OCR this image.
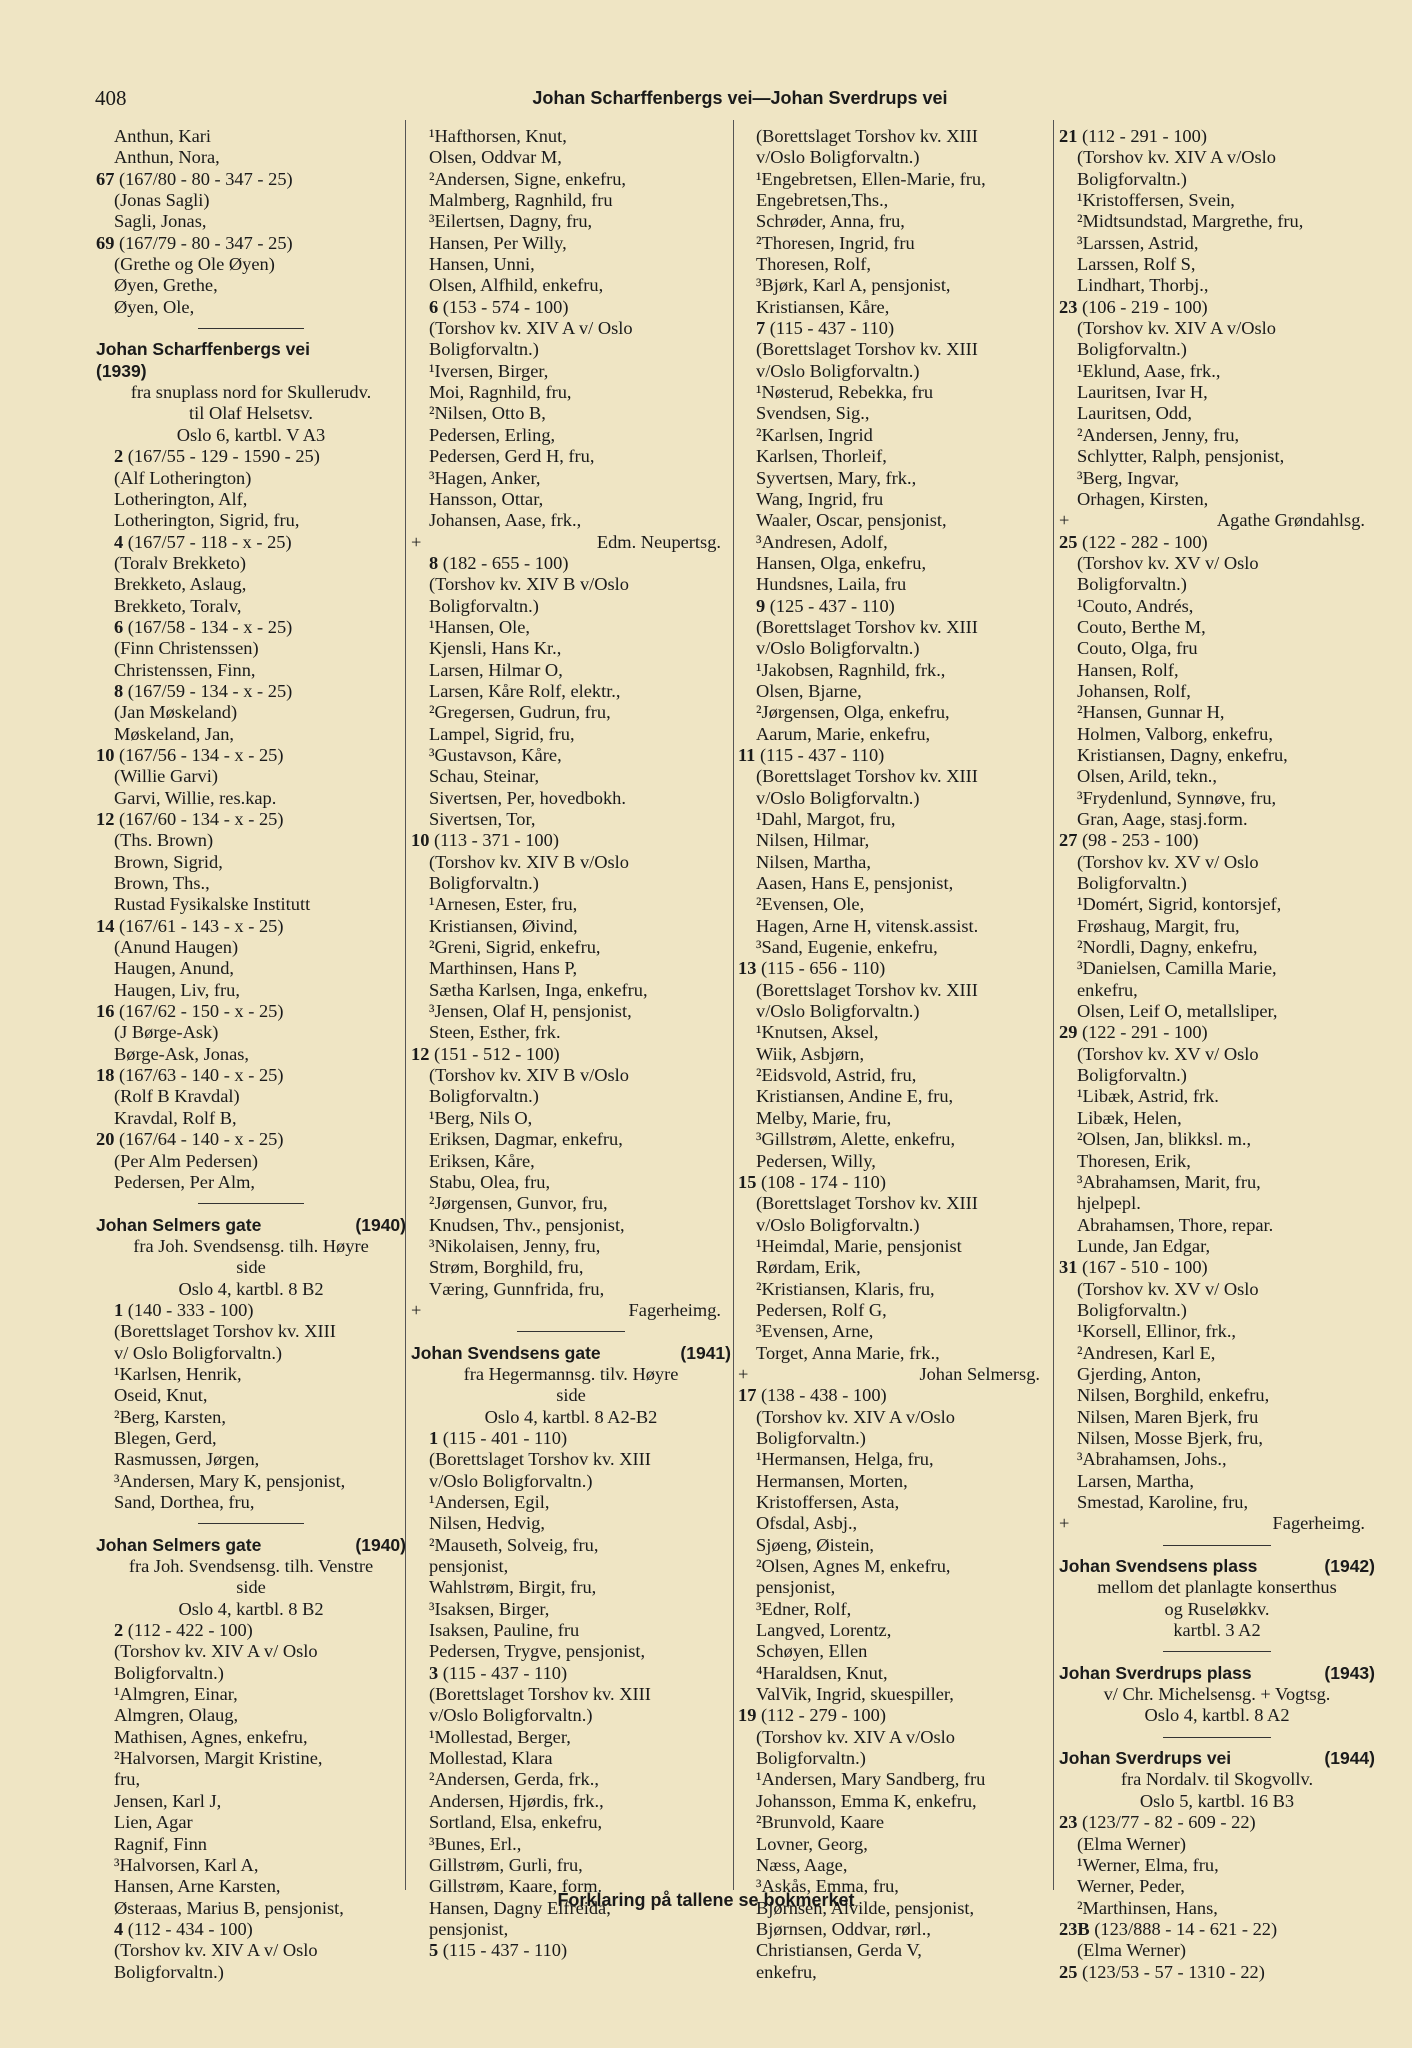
408	Johan Scharffenbergs vei—Johan Sverdrups vei
Anthun, Kari
Anthun, Nora,
67 (167/80 - 80 - 347 - 25)
(Jonas Sagli)
Sagli, Jonas,
69 (167/79 - 80 - 347 - 25)
(Grethe og Ole Øyen)
Øyen, Grethe,
Øyen, Ole,
Johan Scharffenbergs vei
(1939)
fra snuplass nord for Skullerudv.
til Olaf Helsetsv.
Oslo 6, kartbl. V A3
2 (167/55 - 129 - 1590 - 25)
(Alf Lotherington)
Lotherington, Alf,
Lotherington, Sigrid, fru,
4 (167/57 - 118 - x - 25)
(Toralv Brekketo)
Brekketo, Aslaug,
Brekketo, Toralv,
6 (167/58 - 134 - x - 25)
(Finn Christenssen)
Christenssen, Finn,
8 (167/59 - 134 - x - 25)
(Jan Møskeland)
Møskeland, Jan,
10 (167/56 - 134 - x - 25)
(Willie Garvi)
Garvi, Willie, res.kap.
12 (167/60 - 134 - x - 25)
(Ths. Brown)
Brown, Sigrid,
Brown, Ths.,
Rustad Fysikalske Institutt
14 (167/61 - 143 - x - 25)
(Anund Haugen)
Haugen, Anund,
Haugen, Liv, fru,
16 (167/62 - 150 - x - 25)
(J Børge-Ask)
Børge-Ask, Jonas,
18 (167/63 - 140 - x - 25)
(Rolf B Kravdal)
Kravdal, Rolf B,
20 (167/64 - 140 - x - 25)
(Per Alm Pedersen)
Pedersen, Per Alm,
Johan Selmers gate	(1940)
fra Joh. Svendsensg. tilh. Høyre
side
Oslo 4, kartbl. 8 B2
1 (140 - 333 - 100)
(Borettslaget Torshov kv. XIII
v/ Oslo Boligforvaltn.)
¹Karlsen, Henrik,
Oseid, Knut,
²Berg, Karsten,
Blegen, Gerd,
Rasmussen, Jørgen,
³Andersen, Mary K, pensjonist,
Sand, Dorthea, fru,
Johan Selmers gate	(1940)
fra Joh. Svendsensg. tilh. Venstre
side
Oslo 4, kartbl. 8 B2
2 (112 - 422 - 100)
(Torshov kv. XIV A v/ Oslo
Boligforvaltn.)
¹Almgren, Einar,
Almgren, Olaug,
Mathisen, Agnes, enkefru,
²Halvorsen, Margit Kristine,
fru,
Jensen, Karl J,
Lien, Agar
Ragnif, Finn
³Halvorsen, Karl A,
Hansen, Arne Karsten,
Østeraas, Marius B, pensjonist,
4 (112 - 434 - 100)
(Torshov kv. XIV A v/ Oslo
Boligforvaltn.)
¹Hafthorsen, Knut,
Olsen, Oddvar M,
²Andersen, Signe, enkefru,
Malmberg, Ragnhild, fru
³Eilertsen, Dagny, fru,
Hansen, Per Willy,
Hansen, Unni,
Olsen, Alfhild, enkefru,
6 (153 - 574 - 100)
(Torshov kv. XIV A v/ Oslo
Boligforvaltn.)
¹Iversen, Birger,
Moi, Ragnhild, fru,
²Nilsen, Otto B,
Pedersen, Erling,
Pedersen, Gerd H, fru,
³Hagen, Anker,
Hansson, Ottar,
Johansen, Aase, frk.,
+	Edm. Neupertsg.
8 (182 - 655 - 100)
(Torshov kv. XIV B v/Oslo
Boligforvaltn.)
¹Hansen, Ole,
Kjensli, Hans Kr.,
Larsen, Hilmar O,
Larsen, Kåre Rolf, elektr.,
²Gregersen, Gudrun, fru,
Lampel, Sigrid, fru,
³Gustavson, Kåre,
Schau, Steinar,
Sivertsen, Per, hovedbokh.
Sivertsen, Tor,
10 (113 - 371 - 100)
(Torshov kv. XIV B v/Oslo
Boligforvaltn.)
¹Arnesen, Ester, fru,
Kristiansen, Øivind,
²Greni, Sigrid, enkefru,
Marthinsen, Hans P,
Sætha Karlsen, Inga, enkefru,
³Jensen, Olaf H, pensjonist,
Steen, Esther, frk.
12 (151 - 512 - 100)
(Torshov kv. XIV B v/Oslo
Boligforvaltn.)
¹Berg, Nils O,
Eriksen, Dagmar, enkefru,
Eriksen, Kåre,
Stabu, Olea, fru,
²Jørgensen, Gunvor, fru,
Knudsen, Thv., pensjonist,
³Nikolaisen, Jenny, fru,
Strøm, Borghild, fru,
Væring, Gunnfrida, fru,
+	Fagerheimg.
Johan Svendsens gate	(1941)
fra Hegermannsg. tilv. Høyre
side
Oslo 4, kartbl. 8 A2-B2
1 (115 - 401 - 110)
(Borettslaget Torshov kv. XIII
v/Oslo Boligforvaltn.)
¹Andersen, Egil,
Nilsen, Hedvig,
²Mauseth, Solveig, fru,
pensjonist,
Wahlstrøm, Birgit, fru,
³Isaksen, Birger,
Isaksen, Pauline, fru
Pedersen, Trygve, pensjonist,
3 (115 - 437 - 110)
(Borettslaget Torshov kv. XIII
v/Oslo Boligforvaltn.)
¹Mollestad, Berger,
Mollestad, Klara
²Andersen, Gerda, frk.,
Andersen, Hjørdis, frk.,
Sortland, Elsa, enkefru,
³Bunes, Erl.,
Gillstrøm, Gurli, fru,
Gillstrøm, Kaare, form.
Hansen, Dagny Elfreida,
pensjonist,
5 (115 - 437 - 110)
(Borettslaget Torshov kv. XIII
v/Oslo Boligforvaltn.)
¹Engebretsen, Ellen-Marie, fru,
Engebretsen,Ths.,
Schrøder, Anna, fru,
²Thoresen, Ingrid, fru
Thoresen, Rolf,
³Bjørk, Karl A, pensjonist,
Kristiansen, Kåre,
7 (115 - 437 - 110)
(Borettslaget Torshov kv. XIII
v/Oslo Boligforvaltn.)
¹Nøsterud, Rebekka, fru
Svendsen, Sig.,
²Karlsen, Ingrid
Karlsen, Thorleif,
Syvertsen, Mary, frk.,
Wang, Ingrid, fru
Waaler, Oscar, pensjonist,
³Andresen, Adolf,
Hansen, Olga, enkefru,
Hundsnes, Laila, fru
9 (125 - 437 - 110)
(Borettslaget Torshov kv. XIII
v/Oslo Boligforvaltn.)
¹Jakobsen, Ragnhild, frk.,
Olsen, Bjarne,
²Jørgensen, Olga, enkefru,
Aarum, Marie, enkefru,
11 (115 - 437 - 110)
(Borettslaget Torshov kv. XIII
v/Oslo Boligforvaltn.)
¹Dahl, Margot, fru,
Nilsen, Hilmar,
Nilsen, Martha,
Aasen, Hans E, pensjonist,
²Evensen, Ole,
Hagen, Arne H, vitensk.assist.
³Sand, Eugenie, enkefru,
13 (115 - 656 - 110)
(Borettslaget Torshov kv. XIII
v/Oslo Boligforvaltn.)
¹Knutsen, Aksel,
Wiik, Asbjørn,
²Eidsvold, Astrid, fru,
Kristiansen, Andine E, fru,
Melby, Marie, fru,
³Gillstrøm, Alette, enkefru,
Pedersen, Willy,
15 (108 - 174 - 110)
(Borettslaget Torshov kv. XIII
v/Oslo Boligforvaltn.)
¹Heimdal, Marie, pensjonist
Rørdam, Erik,
²Kristiansen, Klaris, fru,
Pedersen, Rolf G,
³Evensen, Arne,
Torget, Anna Marie, frk.,
+	Johan Selmersg.
17 (138 - 438 - 100)
(Torshov kv. XIV A v/Oslo
Boligforvaltn.)
¹Hermansen, Helga, fru,
Hermansen, Morten,
Kristoffersen, Asta,
Ofsdal, Asbj.,
Sjøeng, Øistein,
²Olsen, Agnes M, enkefru,
pensjonist,
³Edner, Rolf,
Langved, Lorentz,
Schøyen, Ellen
⁴Haraldsen, Knut,
ValVik, Ingrid, skuespiller,
19 (112 - 279 - 100)
(Torshov kv. XIV A v/Oslo
Boligforvaltn.)
¹Andersen, Mary Sandberg, fru
Johansson, Emma K, enkefru,
²Brunvold, Kaare
Lovner, Georg,
Næss, Aage,
³Askås, Emma, fru,
Bjørnsen, Alvilde, pensjonist,
Bjørnsen, Oddvar, rørl.,
Christiansen, Gerda V,
enkefru,
21 (112 - 291 - 100)
(Torshov kv. XIV A v/Oslo
Boligforvaltn.)
¹Kristoffersen, Svein,
²Midtsundstad, Margrethe, fru,
³Larssen, Astrid,
Larssen, Rolf S,
Lindhart, Thorbj.,
23 (106 - 219 - 100)
(Torshov kv. XIV A v/Oslo
Boligforvaltn.)
¹Eklund, Aase, frk.,
Lauritsen, Ivar H,
Lauritsen, Odd,
²Andersen, Jenny, fru,
Schlytter, Ralph, pensjonist,
³Berg, Ingvar,
Orhagen, Kirsten,
+	Agathe Grøndahlsg.
25 (122 - 282 - 100)
(Torshov kv. XV v/ Oslo
Boligforvaltn.)
¹Couto, Andrés,
Couto, Berthe M,
Couto, Olga, fru
Hansen, Rolf,
Johansen, Rolf,
²Hansen, Gunnar H,
Holmen, Valborg, enkefru,
Kristiansen, Dagny, enkefru,
Olsen, Arild, tekn.,
³Frydenlund, Synnøve, fru,
Gran, Aage, stasj.form.
27 (98 - 253 - 100)
(Torshov kv. XV v/ Oslo
Boligforvaltn.)
¹Domért, Sigrid, kontorsjef,
Frøshaug, Margit, fru,
²Nordli, Dagny, enkefru,
³Danielsen, Camilla Marie,
enkefru,
Olsen, Leif O, metallsliper,
29 (122 - 291 - 100)
(Torshov kv. XV v/ Oslo
Boligforvaltn.)
¹Libæk, Astrid, frk.
Libæk, Helen,
²Olsen, Jan, blikksl. m.,
Thoresen, Erik,
³Abrahamsen, Marit, fru,
hjelpepl.
Abrahamsen, Thore, repar.
Lunde, Jan Edgar,
31 (167 - 510 - 100)
(Torshov kv. XV v/ Oslo
Boligforvaltn.)
¹Korsell, Ellinor, frk.,
²Andresen, Karl E,
Gjerding, Anton,
Nilsen, Borghild, enkefru,
Nilsen, Maren Bjerk, fru
Nilsen, Mosse Bjerk, fru,
³Abrahamsen, Johs.,
Larsen, Martha,
Smestad, Karoline, fru,
+	Fagerheimg.
Johan Svendsens plass	(1942)
mellom det planlagte konserthus
og Ruseløkkv.
kartbl. 3 A2
Johan Sverdrups plass	(1943)
v/ Chr. Michelsensg. + Vogtsg.
Oslo 4, kartbl. 8 A2
Johan Sverdrups vei	(1944)
fra Nordalv. til Skogvollv.
Oslo 5, kartbl. 16 B3
23 (123/77 - 82 - 609 - 22)
(Elma Werner)
¹Werner, Elma, fru,
Werner, Peder,
²Marthinsen, Hans,
23B (123/888 - 14 - 621 - 22)
(Elma Werner)
25 (123/53 - 57 - 1310 - 22)
Forklaring på tallene se bokmerket
